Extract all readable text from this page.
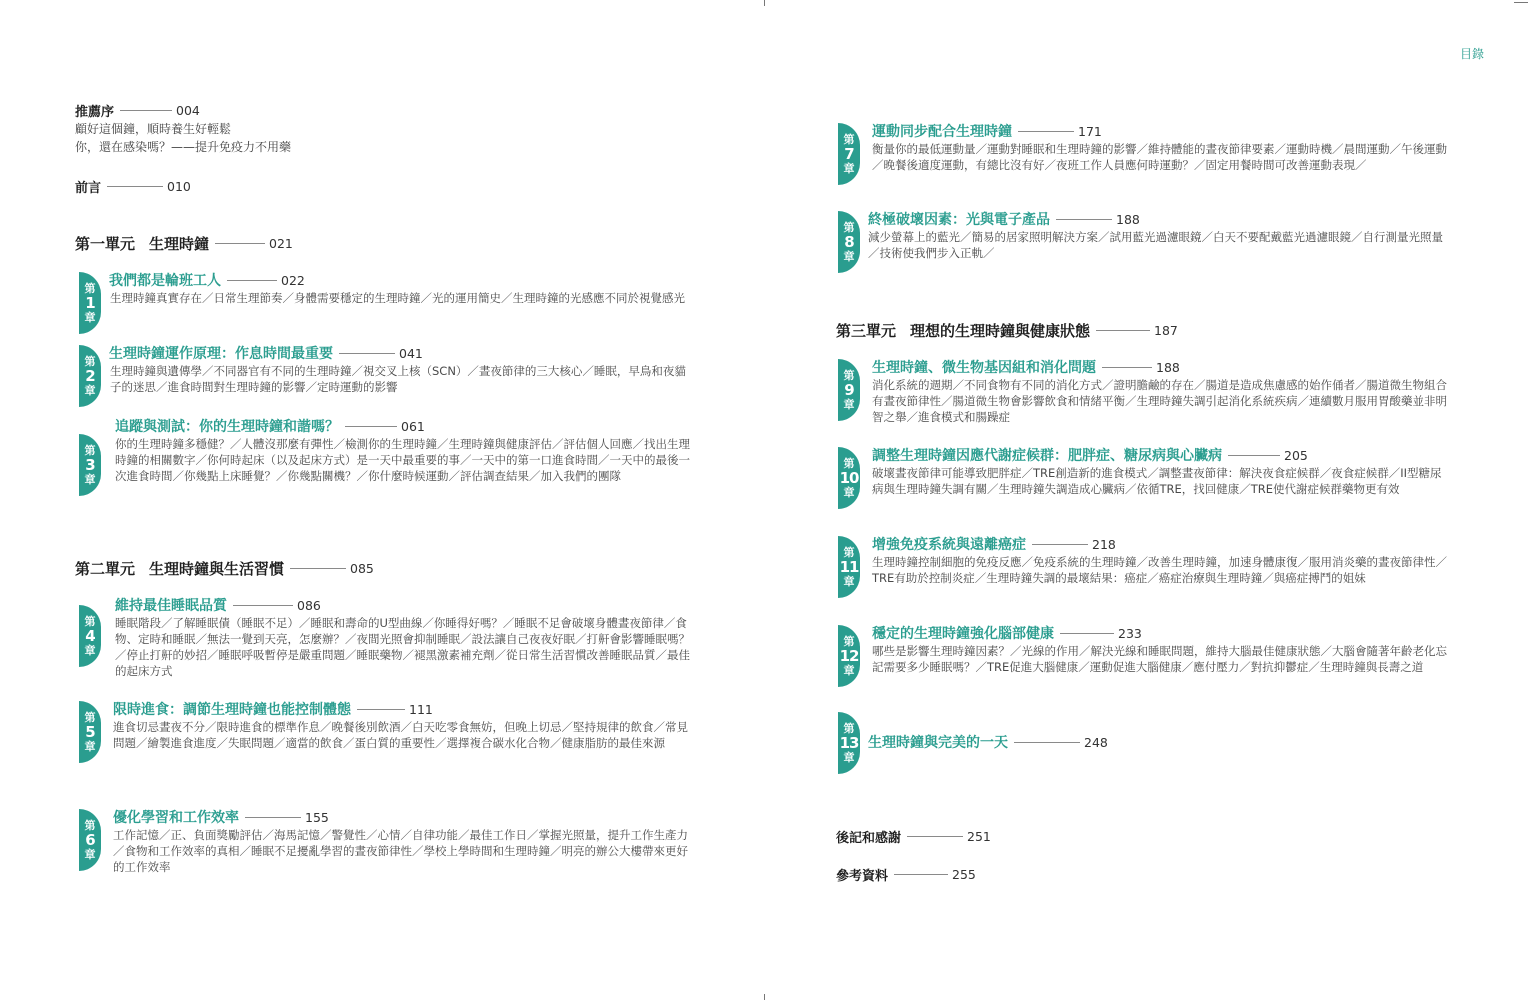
目錄
推薦序	004
顧好這個鐘，順時養生好輕鬆
你，還在感染嗎？——提升免疫力不用藥
前言	010
第一單元 生理時鐘	021
第
1
章
我們都是輪班工人	022
生理時鐘真實存在／日常生理節奏／身體需要穩定的生理時鐘／光的運用簡史／生理時鐘的光感應不同於視覺感光
第
2
章
生理時鐘運作原理：作息時間最重要	041
生理時鐘與遺傳學／不同器官有不同的生理時鐘／視交叉上核（SCN）／晝夜節律的三大核心／睡眠，早鳥和夜貓子的迷思／進食時間對生理時鐘的影響／定時運動的影響
第
3
章
追蹤與測試：你的生理時鐘和諧嗎？	061
你的生理時鐘多穩健？／人體沒那麼有彈性／檢測你的生理時鐘／生理時鐘與健康評估／評估個人回應／找出生理時鐘的相關數字／你何時起床（以及起床方式）是一天中最重要的事／一天中的第一口進食時間／一天中的最後一次進食時間／你幾點上床睡覺？／你幾點關機？／你什麼時候運動／評估調查結果／加入我們的團隊
第二單元 生理時鐘與生活習慣	085
第
4
章
維持最佳睡眠品質	086
睡眠階段／了解睡眠債（睡眠不足）／睡眠和壽命的U型曲線／你睡得好嗎？／睡眠不足會破壞身體晝夜節律／食物、定時和睡眠／無法一覺到天亮，怎麼辦？／夜間光照會抑制睡眠／設法讓自己夜夜好眠／打鼾會影響睡眠嗎？／停止打鼾的妙招／睡眠呼吸暫停是嚴重問題／睡眠藥物／褪黑激素補充劑／從日常生活習慣改善睡眠品質／最佳的起床方式
第
5
章
限時進食：調節生理時鐘也能控制體態	111
進食切忌晝夜不分／限時進食的標準作息／晚餐後別飲酒／白天吃零食無妨，但晚上切忌／堅持規律的飲食／常見問題／繪製進食進度／失眠問題／適當的飲食／蛋白質的重要性／選擇複合碳水化合物／健康脂肪的最佳來源
第
6
章
優化學習和工作效率	155
工作記憶／正、負面獎勵評估／海馬記憶／警覺性／心情／自律功能／最佳工作日／掌握光照量，提升工作生產力／食物和工作效率的真相／睡眠不足擾亂學習的晝夜節律性／學校上學時間和生理時鐘／明亮的辦公大樓帶來更好的工作效率
第
7
章
運動同步配合生理時鐘	171
衡量你的最低運動量／運動對睡眠和生理時鐘的影響／維持體能的晝夜節律要素／運動時機／晨間運動／午後運動／晚餐後適度運動，有總比沒有好／夜班工作人員應何時運動？／固定用餐時間可改善運動表現／
第
8
章
終極破壞因素：光與電子產品	188
減少螢幕上的藍光／簡易的居家照明解決方案／試用藍光過濾眼鏡／白天不要配戴藍光過濾眼鏡／自行測量光照量／技術使我們步入正軌／
第三單元 理想的生理時鐘與健康狀態	187
第
9
章
生理時鐘、微生物基因組和消化問題	188
消化系統的週期／不同食物有不同的消化方式／證明膽鹼的存在／腸道是造成焦慮感的始作俑者／腸道微生物組合有晝夜節律性／腸道微生物會影響飲食和情緒平衡／生理時鐘失調引起消化系統疾病／連續數月服用胃酸藥並非明智之舉／進食模式和腸躁症
第
10
章
調整生理時鐘因應代謝症候群：肥胖症、糖尿病與心臟病	205
破壞晝夜節律可能導致肥胖症／TRE創造新的進食模式／調整晝夜節律：解決夜食症候群／夜食症候群／II型糖尿病與生理時鐘失調有關／生理時鐘失調造成心臟病／依循TRE，找回健康／TRE使代謝症候群藥物更有效
第
11
章
增強免疫系統與遠離癌症	218
生理時鐘控制細胞的免疫反應／免疫系統的生理時鐘／改善生理時鐘，加速身體康復／服用消炎藥的晝夜節律性／TRE有助於控制炎症／生理時鐘失調的最壞結果：癌症／癌症治療與生理時鐘／與癌症搏鬥的姐妹
第
12
章
穩定的生理時鐘強化腦部健康	233
哪些是影響生理時鐘因素？／光線的作用／解決光線和睡眠問題，維持大腦最佳健康狀態／大腦會隨著年齡老化忘記需要多少睡眠嗎？／TRE促進大腦健康／運動促進大腦健康／應付壓力／對抗抑鬱症／生理時鐘與長壽之道
第
13
章
生理時鐘與完美的一天	248
後記和感謝	251
參考資料	255
